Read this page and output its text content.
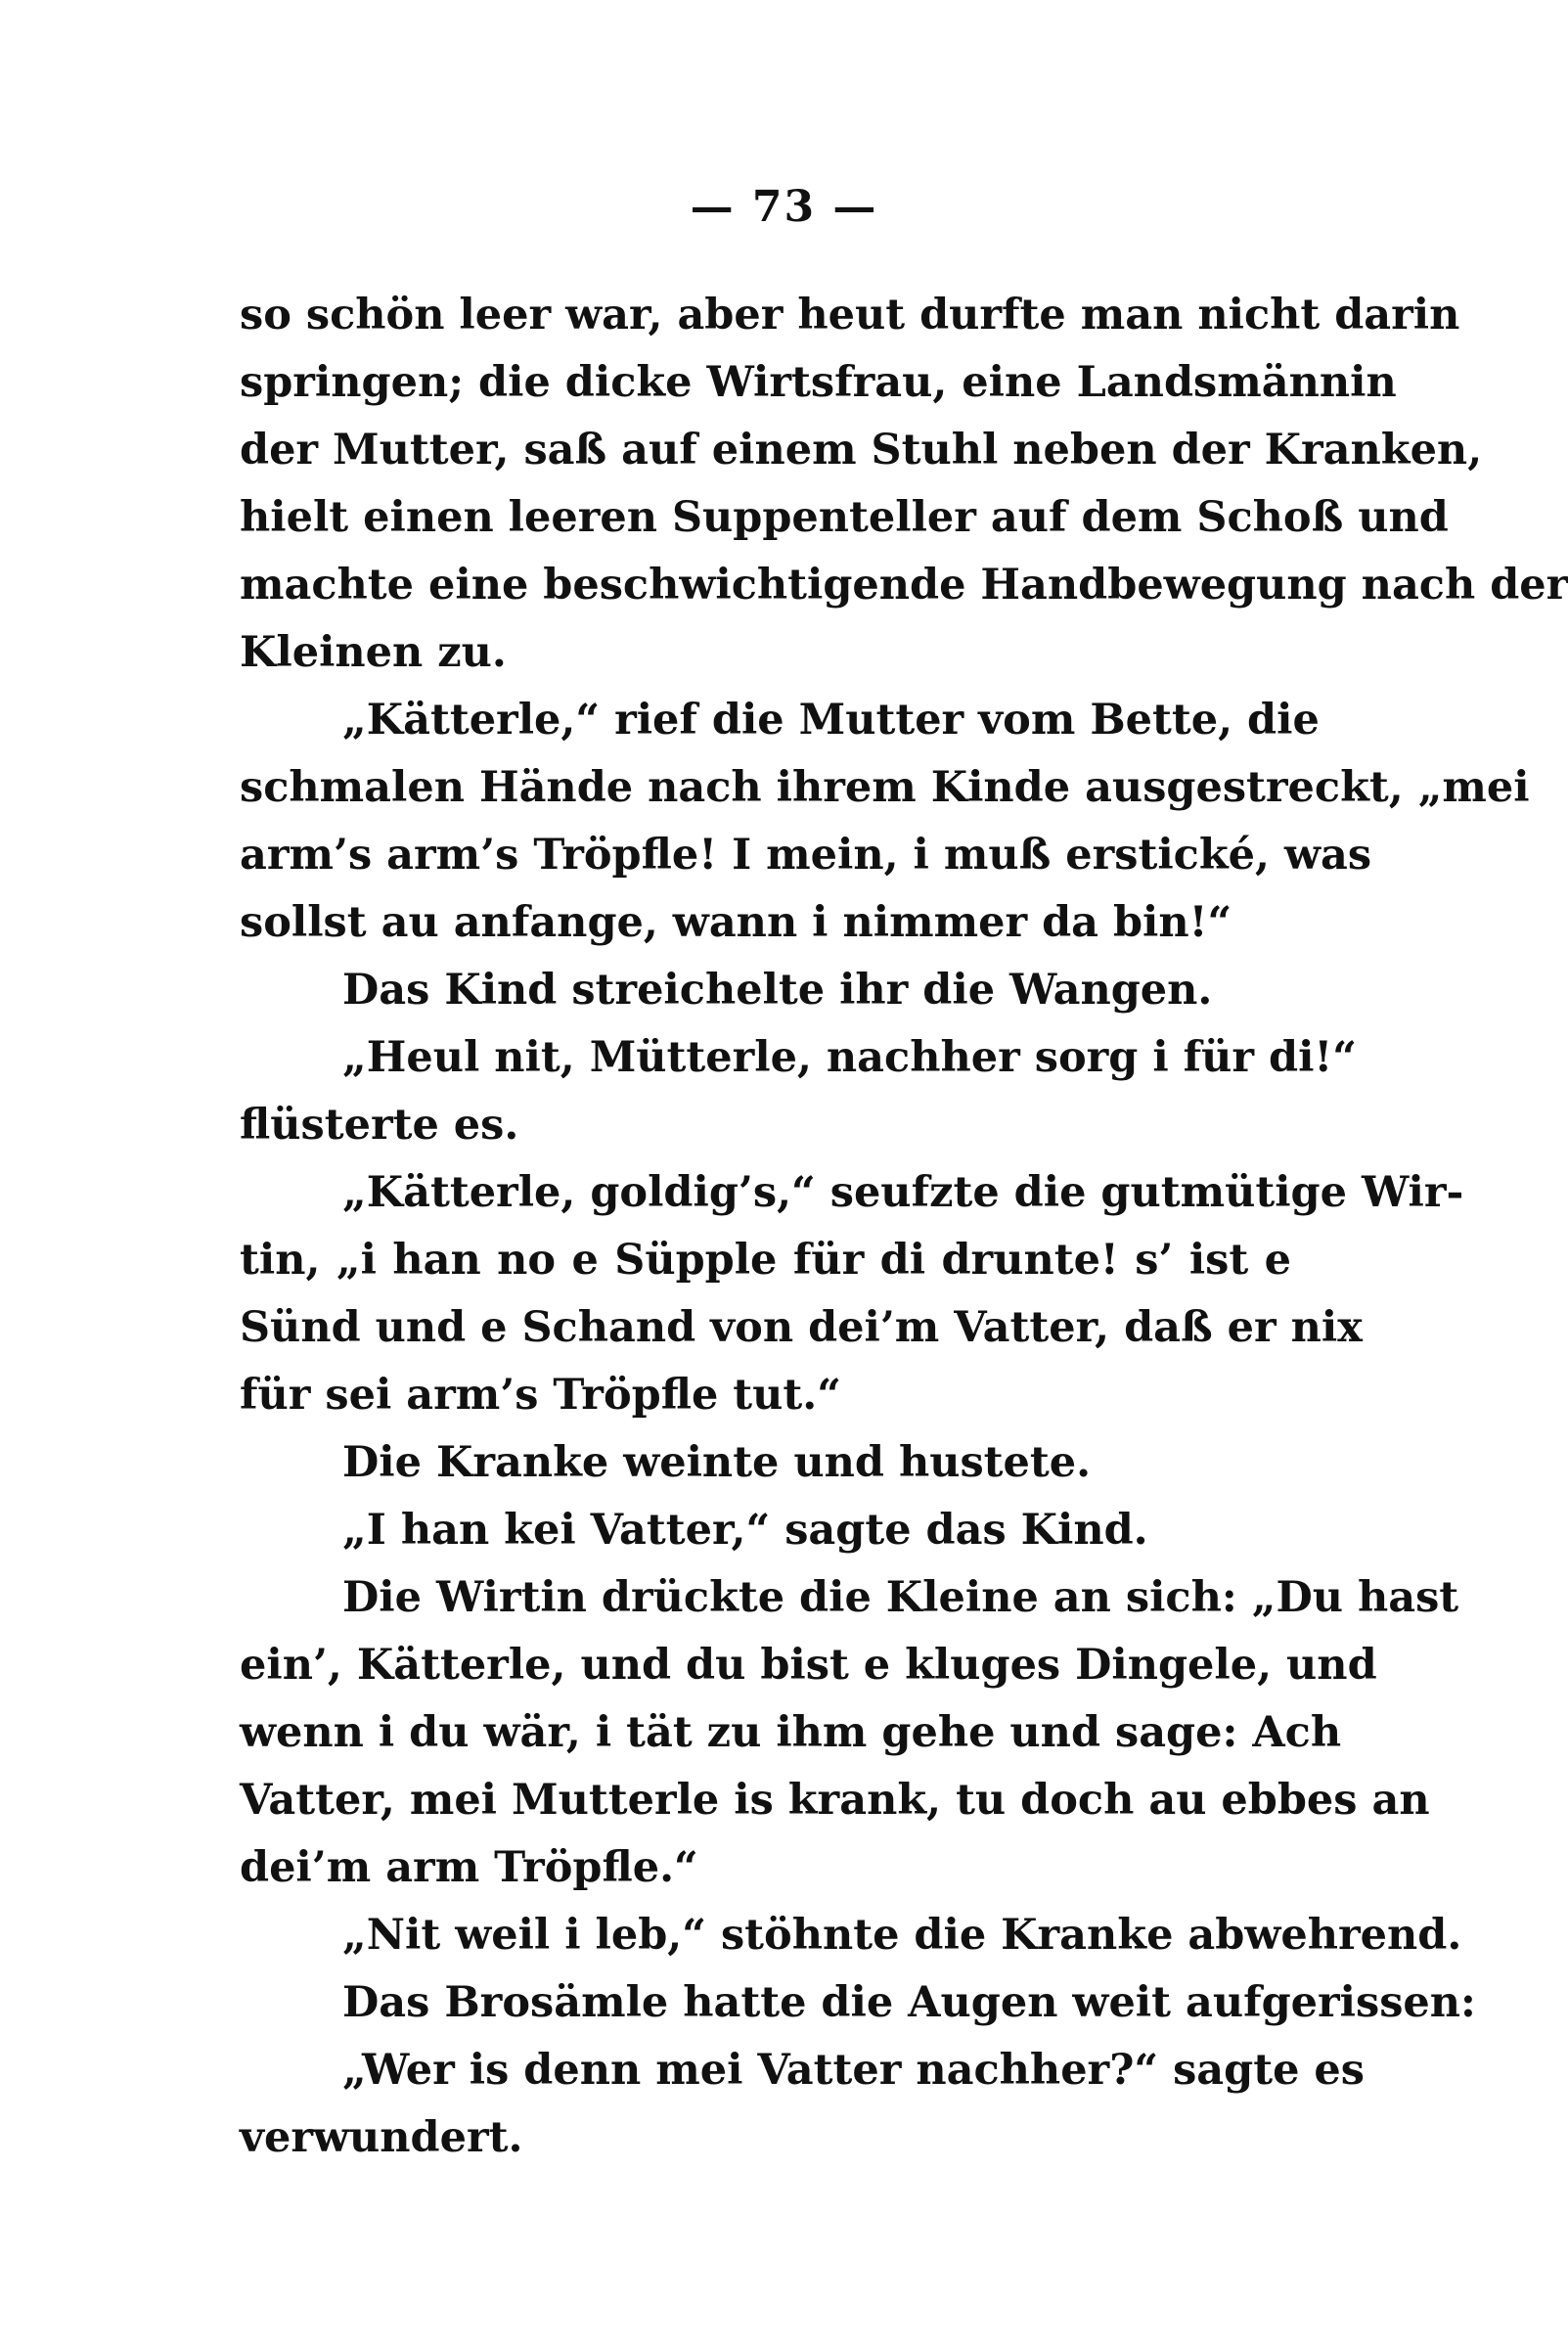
— 73 —
so schön leer war, aber heut durfte man nicht darin
springen; die dicke Wirtsfrau, eine Landsmännin
der Mutter, saß auf einem Stuhl neben der Kranken,
hielt einen leeren Suppenteller auf dem Schoß und
machte eine beschwichtigende Handbewegung nach der
Kleinen zu.
„Kätterle,“ rief die Mutter vom Bette, die
schmalen Hände nach ihrem Kinde ausgestreckt, „mei
arm’s arm’s Tröpfle! I mein, i muß erstické, was
sollst au anfange, wann i nimmer da bin!“
Das Kind streichelte ihr die Wangen.
„Heul nit, Mütterle, nachher sorg i für di!“
flüsterte es.
„Kätterle, goldig’s,“ seufzte die gutmütige Wir-
tin, „i han no e Süpple für di drunte! s’ ist e
Sünd und e Schand von dei’m Vatter, daß er nix
für sei arm’s Tröpfle tut.“
Die Kranke weinte und hustete.
„I han kei Vatter,“ sagte das Kind.
Die Wirtin drückte die Kleine an sich: „Du hast
ein’, Kätterle, und du bist e kluges Dingele, und
wenn i du wär, i tät zu ihm gehe und sage: Ach
Vatter, mei Mutterle is krank, tu doch au ebbes an
dei’m arm Tröpfle.“
„Nit weil i leb,“ stöhnte die Kranke abwehrend.
Das Brosämle hatte die Augen weit aufgerissen:
„Wer is denn mei Vatter nachher?“ sagte es
verwundert.
